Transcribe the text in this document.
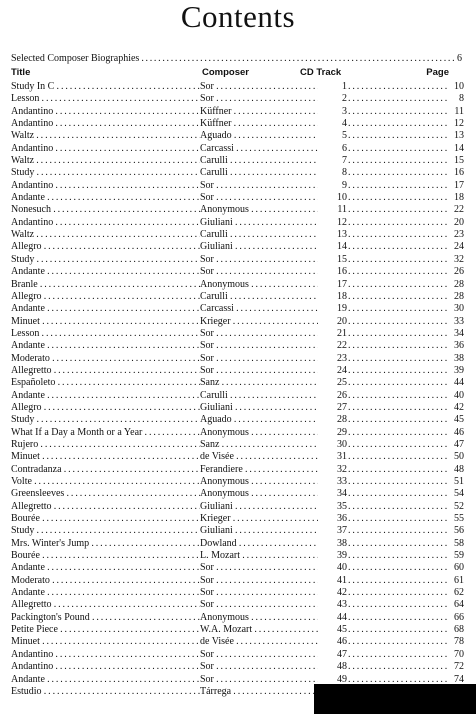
Contents
Selected Composer Biographies . . .	6
Title	Composer	CD Track	Page
Study In C . . .	Sor . . .	1 . . .	10
Lesson . . .	Sor . . .	2 . . .	8
Andantino . . .	Küffner . . .	3 . . .	11
Andantino . . .	Küffner . . .	4 . . .	12
Waltz . . .	Aguado . . .	5 . . .	13
Andantino . . .	Carcassi . . .	6 . . .	14
Waltz . . .	Carulli . . .	7 . . .	15
Study . . .	Carulli . . .	8 . . .	16
Andantino . . .	Sor . . .	9 . . .	17
Andante . . .	Sor . . .	10 . . .	18
Nonesuch . . .	Anonymous . . .	11 . . .	22
Andantino . . .	Giuliani . . .	12 . . .	20
Waltz . . .	Carulli . . .	13 . . .	23
Allegro . . .	Giuliani . . .	14 . . .	24
Study . . .	Sor . . .	15 . . .	32
Andante . . .	Sor . . .	16 . . .	26
Branle . . .	Anonymous . . .	17 . . .	28
Allegro . . .	Carulli . . .	18 . . .	28
Andante . . .	Carcassi . . .	19 . . .	30
Minuet . . .	Krieger . . .	20 . . .	33
Lesson . . .	Sor . . .	21 . . .	34
Andante . . .	Sor . . .	22 . . .	36
Moderato . . .	Sor . . .	23 . . .	38
Allegretto . . .	Sor . . .	24 . . .	39
Españoleto . . .	Sanz . . .	25 . . .	44
Andante . . .	Carulli . . .	26 . . .	40
Allegro . . .	Giuliani . . .	27 . . .	42
Study . . .	Aguado . . .	28 . . .	45
What If a Day a Month or a Year . . .	Anonymous . . .	29 . . .	46
Rujero . . .	Sanz . . .	30 . . .	47
Minuet . . .	de Visée . . .	31 . . .	50
Contradanza . . .	Ferandiere . . .	32 . . .	48
Volte . . .	Anonymous . . .	33 . . .	51
Greensleeves . . .	Anonymous . . .	34 . . .	54
Allegretto . . .	Giuliani . . .	35 . . .	52
Bourée . . .	Krieger . . .	36 . . .	55
Study . . .	Giuliani . . .	37 . . .	56
Mrs. Winter's Jump . . .	Dowland . . .	38 . . .	58
Bourée . . .	L. Mozart . . .	39 . . .	59
Andante . . .	Sor . . .	40 . . .	60
Moderato . . .	Sor . . .	41 . . .	61
Andante . . .	Sor . . .	42 . . .	62
Allegretto . . .	Sor . . .	43 . . .	64
Packington's Pound . . .	Anonymous . . .	44 . . .	66
Petite Piece . . .	W.A. Mozart . . .	45 . . .	68
Minuet . . .	de Visée . . .	46 . . .	78
Andantino . . .	Sor . . .	47 . . .	70
Andantino . . .	Sor . . .	48 . . .	72
Andante . . .	Sor . . .	49 . . .	74
Estudio . . .	Tárrega . . .
. . .
